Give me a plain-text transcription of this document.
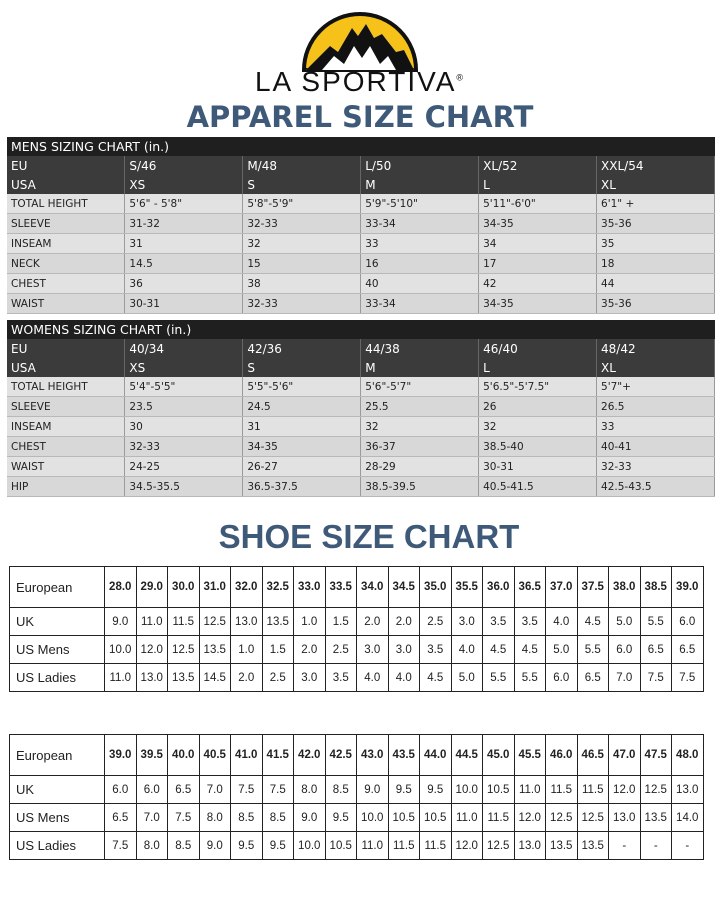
LA SPORTIVA®
APPAREL SIZE CHART
MENS SIZING CHART (in.)					
EU	S/46	M/48	L/50	XL/52	XXL/54
USA	XS	S	M	L	XL
TOTAL HEIGHT	5'6" - 5'8"	5'8"-5'9"	5'9"-5'10"	5'11"-6'0"	6'1" +
SLEEVE	31-32	32-33	33-34	34-35	35-36
INSEAM	31	32	33	34	35
NECK	14.5	15	16	17	18
CHEST	36	38	40	42	44
WAIST	30-31	32-33	33-34	34-35	35-36
WOMENS SIZING CHART (in.)					
EU	40/34	42/36	44/38	46/40	48/42
USA	XS	S	M	L	XL
TOTAL HEIGHT	5'4"-5'5"	5'5"-5'6"	5'6"-5'7"	5'6.5"-5'7.5"	5'7"+
SLEEVE	23.5	24.5	25.5	26	26.5
INSEAM	30	31	32	32	33
CHEST	32-33	34-35	36-37	38.5-40	40-41
WAIST	24-25	26-27	28-29	30-31	32-33
HIP	34.5-35.5	36.5-37.5	38.5-39.5	40.5-41.5	42.5-43.5
SHOE SIZE CHART
European	28.0	29.0	30.0	31.0	32.0	32.5	33.0	33.5	34.0	34.5	35.0	35.5	36.0	36.5	37.0	37.5	38.0	38.5	39.0
UK	9.0	11.0	11.5	12.5	13.0	13.5	1.0	1.5	2.0	2.0	2.5	3.0	3.5	3.5	4.0	4.5	5.0	5.5	6.0
US Mens	10.0	12.0	12.5	13.5	1.0	1.5	2.0	2.5	3.0	3.0	3.5	4.0	4.5	4.5	5.0	5.5	6.0	6.5	6.5
US Ladies	11.0	13.0	13.5	14.5	2.0	2.5	3.0	3.5	4.0	4.0	4.5	5.0	5.5	5.5	6.0	6.5	7.0	7.5	7.5
European	39.0	39.5	40.0	40.5	41.0	41.5	42.0	42.5	43.0	43.5	44.0	44.5	45.0	45.5	46.0	46.5	47.0	47.5	48.0
UK	6.0	6.0	6.5	7.0	7.5	7.5	8.0	8.5	9.0	9.5	9.5	10.0	10.5	11.0	11.5	11.5	12.0	12.5	13.0
US Mens	6.5	7.0	7.5	8.0	8.5	8.5	9.0	9.5	10.0	10.5	10.5	11.0	11.5	12.0	12.5	12.5	13.0	13.5	14.0
US Ladies	7.5	8.0	8.5	9.0	9.5	9.5	10.0	10.5	11.0	11.5	11.5	12.0	12.5	13.0	13.5	13.5	-	-	-
